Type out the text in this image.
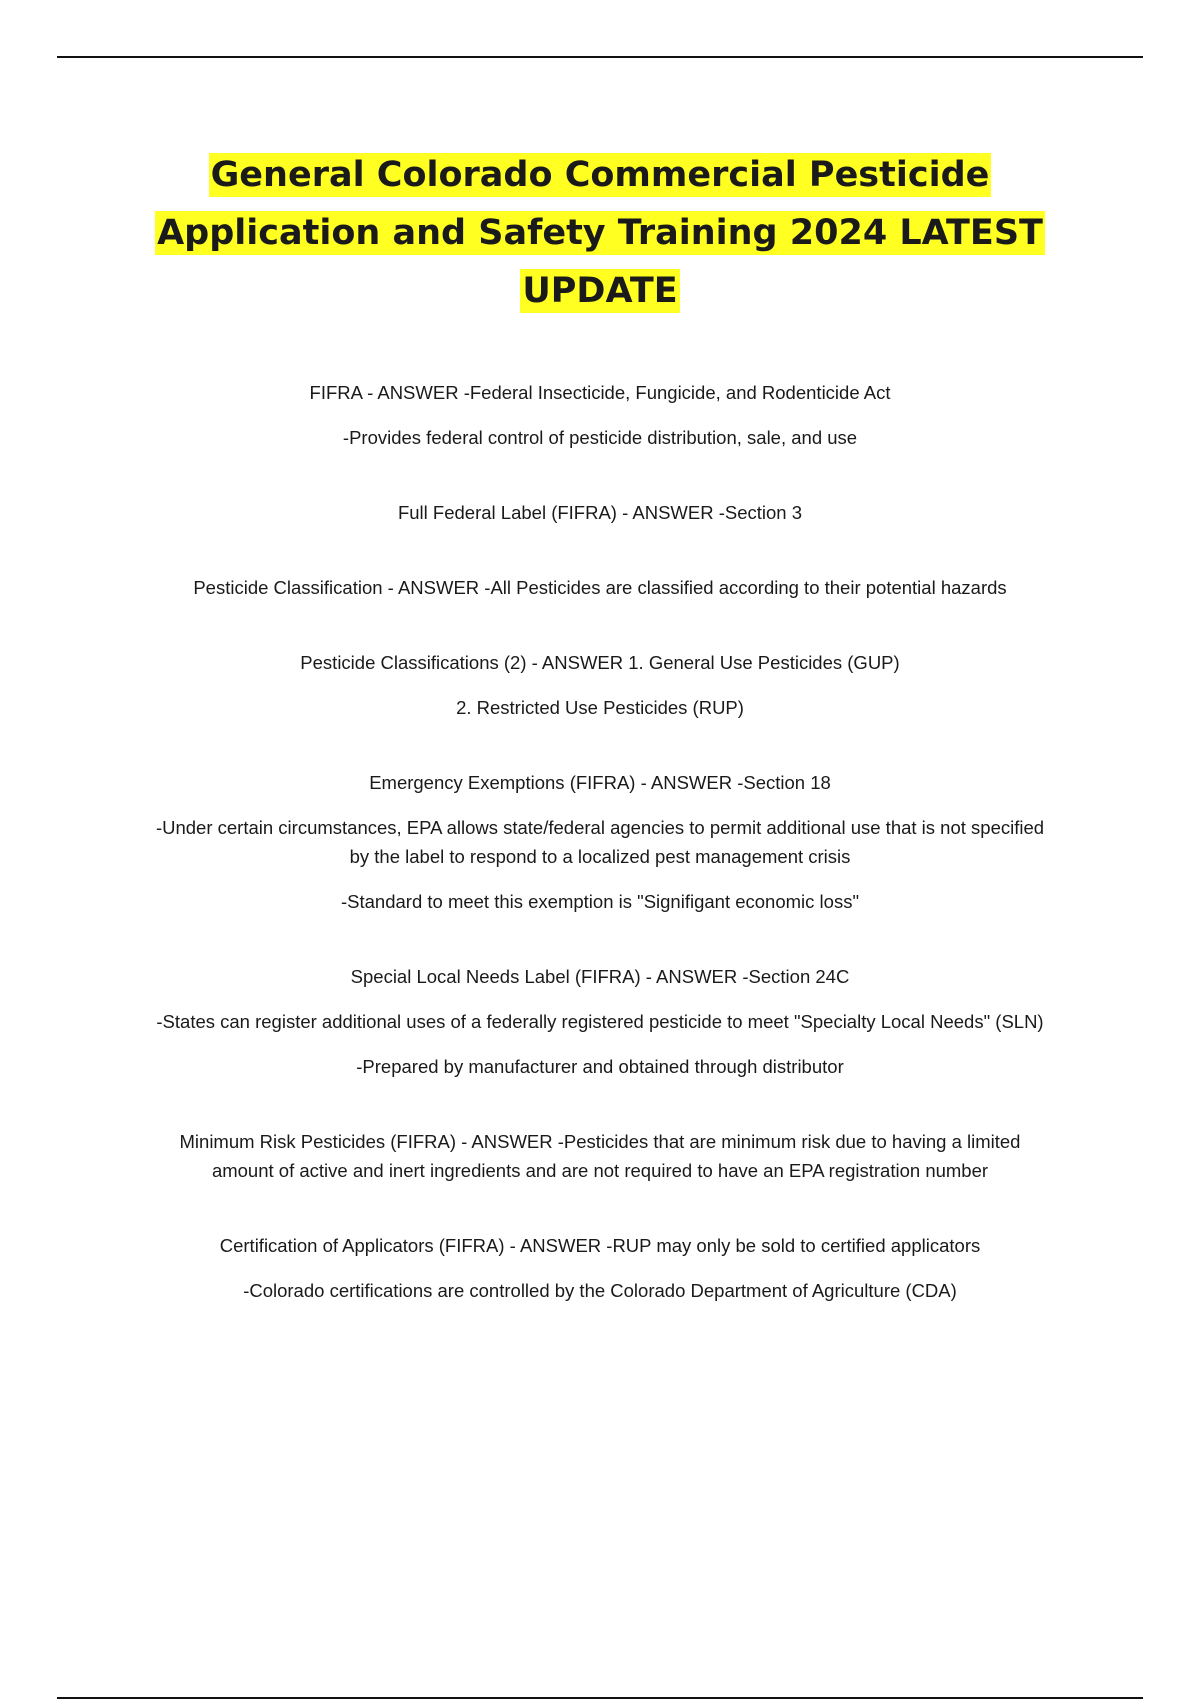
General Colorado Commercial Pesticide Application and Safety Training 2024 LATEST UPDATE

FIFRA - ANSWER -Federal Insecticide, Fungicide, and Rodenticide Act

-Provides federal control of pesticide distribution, sale, and use

Full Federal Label (FIFRA) - ANSWER -Section 3

Pesticide Classification - ANSWER -All Pesticides are classified according to their potential hazards

Pesticide Classifications (2) - ANSWER 1. General Use Pesticides (GUP)

2. Restricted Use Pesticides (RUP)

Emergency Exemptions (FIFRA) - ANSWER -Section 18

-Under certain circumstances, EPA allows state/federal agencies to permit additional use that is not specified by the label to respond to a localized pest management crisis

-Standard to meet this exemption is "Signifigant economic loss"

Special Local Needs Label (FIFRA) - ANSWER -Section 24C

-States can register additional uses of a federally registered pesticide to meet "Specialty Local Needs" (SLN)

-Prepared by manufacturer and obtained through distributor

Minimum Risk Pesticides (FIFRA) - ANSWER -Pesticides that are minimum risk due to having a limited amount of active and inert ingredients and are not required to have an EPA registration number

Certification of Applicators (FIFRA) - ANSWER -RUP may only be sold to certified applicators

-Colorado certifications are controlled by the Colorado Department of Agriculture (CDA)
